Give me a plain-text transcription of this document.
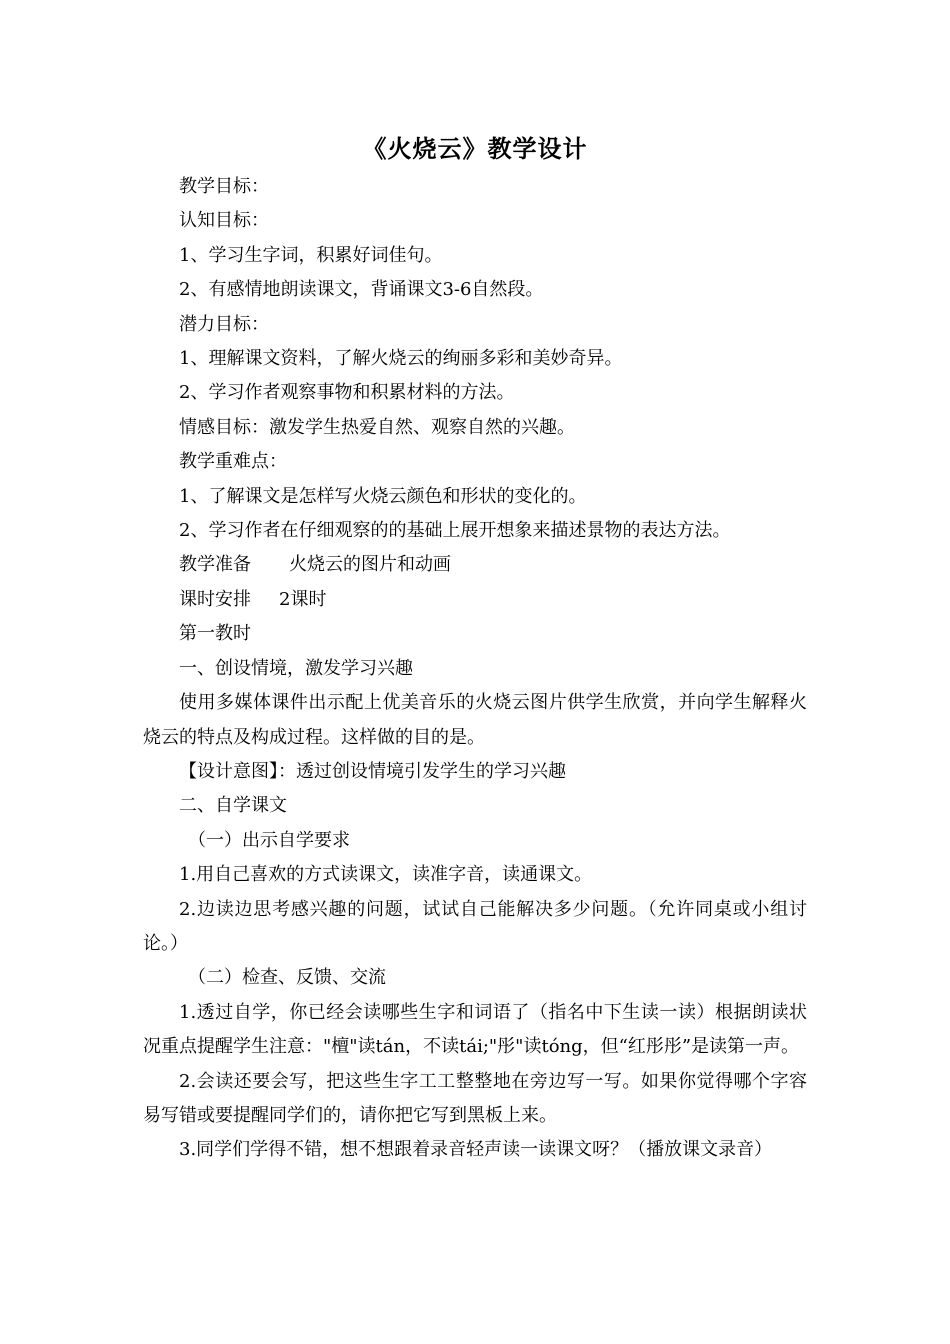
《火烧云》教学设计

教学目标：

认知目标：

1、学习生字词，积累好词佳句。

2、有感情地朗读课文，背诵课文3-6自然段。

潜力目标：

1、理解课文资料，了解火烧云的绚丽多彩和美妙奇异。

2、学习作者观察事物和积累材料的方法。

情感目标：激发学生热爱自然、观察自然的兴趣。

教学重难点：

1、了解课文是怎样写火烧云颜色和形状的变化的。

2、学习作者在仔细观察的的基础上展开想象来描述景物的表达方法。

教学准备 火烧云的图片和动画

课时安排 2课时

第一教时

一、创设情境，激发学习兴趣

使用多媒体课件出示配上优美音乐的火烧云图片供学生欣赏，并向学生解释火烧云的特点及构成过程。这样做的目的是。

【设计意图】：透过创设情境引发学生的学习兴趣

二、自学课文

（一）出示自学要求

1.用自己喜欢的方式读课文，读准字音，读通课文。

2.边读边思考感兴趣的问题，试试自己能解决多少问题。（允许同桌或小组讨论。）

（二）检查、反馈、交流

1.透过自学，你已经会读哪些生字和词语了（指名中下生读一读）根据朗读状况重点提醒学生注意："檀"读tán，不读tái;"彤"读tóng，但“红彤彤”是读第一声。

2.会读还要会写，把这些生字工工整整地在旁边写一写。如果你觉得哪个字容易写错或要提醒同学们的，请你把它写到黑板上来。

3.同学们学得不错，想不想跟着录音轻声读一读课文呀？（播放课文录音）
